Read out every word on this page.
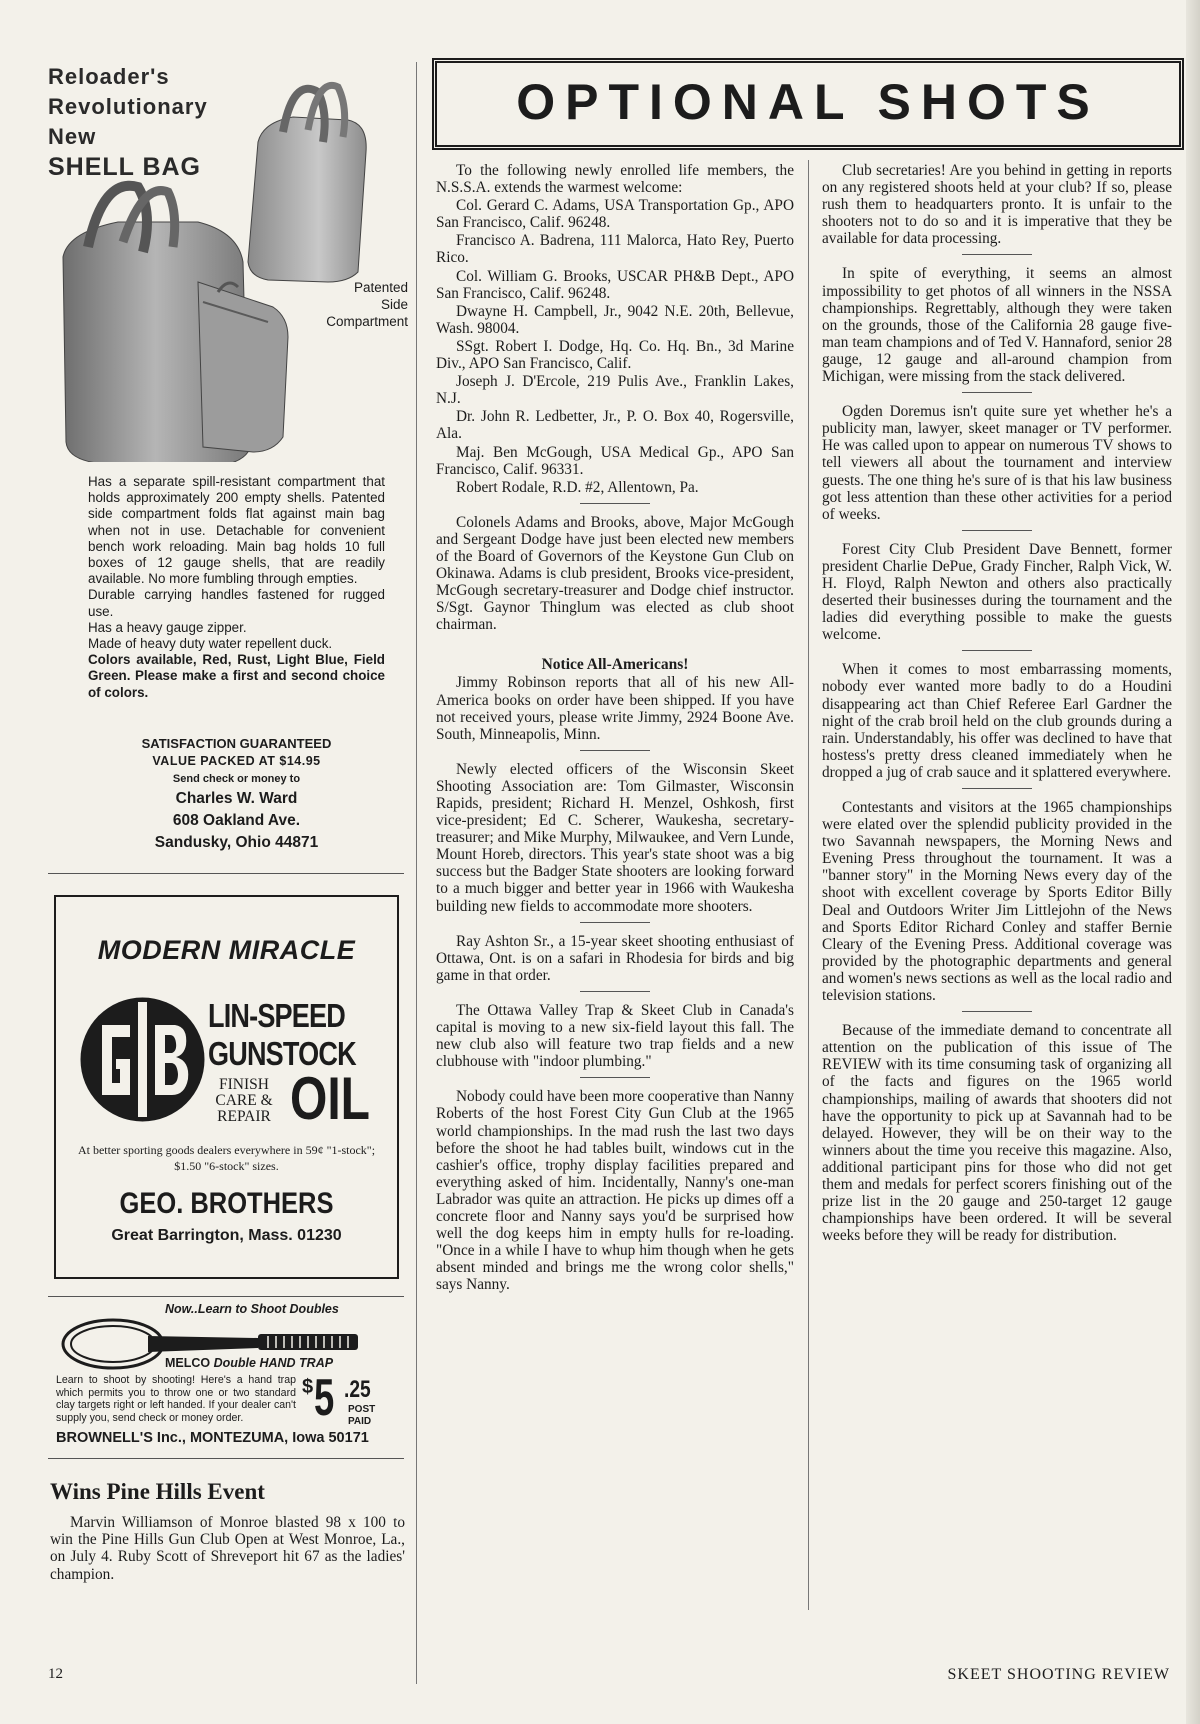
Reloader's
Revolutionary
New
SHELL BAG
Patented
Side
Compartment
Has a separate spill-resistant compartment that holds approximately 200 empty shells. Patented side compartment folds flat against main bag when not in use. Detachable for convenient bench work reloading. Main bag holds 10 full boxes of 12 gauge shells, that are readily available. No more fumbling through empties.
Durable carrying handles fastened for rugged use.
Has a heavy gauge zipper.
Made of heavy duty water repellent duck.
Colors available, Red, Rust, Light Blue, Field Green. Please make a first and second choice of colors.
SATISFACTION GUARANTEED
VALUE PACKED AT $14.95
Send check or money to
Charles W. Ward
608 Oakland Ave.
Sandusky, Ohio 44871
MODERN MIRACLE
LIN-SPEED
GUNSTOCK
FINISH
CARE &
REPAIR OIL
At better sporting goods dealers everywhere in 59¢ "1-stock"; $1.50 "6-stock" sizes.
GEO. BROTHERS
Great Barrington, Mass. 01230
Now..Learn to Shoot Doubles
MELCO Double HAND TRAP
Learn to shoot by shooting! Here's a hand trap which permits you to throw one or two standard clay targets right or left handed. If your dealer can't supply you, send check or money order.
$ 5 .25
POST
PAID
BROWNELL'S Inc., MONTEZUMA, Iowa 50171
Wins Pine Hills Event
Marvin Williamson of Monroe blasted 98 x 100 to win the Pine Hills Gun Club Open at West Monroe, La., on July 4. Ruby Scott of Shreveport hit 67 as the ladies' champion.
OPTIONAL SHOTS

To the following newly enrolled life members, the N.S.S.A. extends the warmest welcome:

Col. Gerard C. Adams, USA Transportation Gp., APO San Francisco, Calif. 96248.

Francisco A. Badrena, 111 Malorca, Hato Rey, Puerto Rico.

Col. William G. Brooks, USCAR PH&B Dept., APO San Francisco, Calif. 96248.

Dwayne H. Campbell, Jr., 9042 N.E. 20th, Bellevue, Wash. 98004.

SSgt. Robert I. Dodge, Hq. Co. Hq. Bn., 3d Marine Div., APO San Francisco, Calif.

Joseph J. D'Ercole, 219 Pulis Ave., Franklin Lakes, N.J.

Dr. John R. Ledbetter, Jr., P. O. Box 40, Rogersville, Ala.

Maj. Ben McGough, USA Medical Gp., APO San Francisco, Calif. 96331.

Robert Rodale, R.D. #2, Allentown, Pa.

Colonels Adams and Brooks, above, Major McGough and Sergeant Dodge have just been elected new members of the Board of Governors of the Keystone Gun Club on Okinawa. Adams is club president, Brooks vice-president, McGough secretary-treasurer and Dodge chief instructor. S/Sgt. Gaynor Thinglum was elected as club shoot chairman.

Notice All-Americans!

Jimmy Robinson reports that all of his new All-America books on order have been shipped. If you have not received yours, please write Jimmy, 2924 Boone Ave. South, Minneapolis, Minn.

Newly elected officers of the Wisconsin Skeet Shooting Association are: Tom Gilmaster, Wisconsin Rapids, president; Richard H. Menzel, Oshkosh, first vice-president; Ed C. Scherer, Waukesha, secretary-treasurer; and Mike Murphy, Milwaukee, and Vern Lunde, Mount Horeb, directors. This year's state shoot was a big success but the Badger State shooters are looking forward to a much bigger and better year in 1966 with Waukesha building new fields to accommodate more shooters.

Ray Ashton Sr., a 15-year skeet shooting enthusiast of Ottawa, Ont. is on a safari in Rhodesia for birds and big game in that order.

The Ottawa Valley Trap & Skeet Club in Canada's capital is moving to a new six-field layout this fall. The new club also will feature two trap fields and a new clubhouse with "indoor plumbing."

Nobody could have been more cooperative than Nanny Roberts of the host Forest City Gun Club at the 1965 world championships. In the mad rush the last two days before the shoot he had tables built, windows cut in the cashier's office, trophy display facilities prepared and everything asked of him. Incidentally, Nanny's one-man Labrador was quite an attraction. He picks up dimes off a concrete floor and Nanny says you'd be surprised how well the dog keeps him in empty hulls for re-loading. "Once in a while I have to whup him though when he gets absent minded and brings me the wrong color shells," says Nanny.

Club secretaries! Are you behind in getting in reports on any registered shoots held at your club? If so, please rush them to headquarters pronto. It is unfair to the shooters not to do so and it is imperative that they be available for data processing.

In spite of everything, it seems an almost impossibility to get photos of all winners in the NSSA championships. Regrettably, although they were taken on the grounds, those of the California 28 gauge five-man team champions and of Ted V. Hannaford, senior 28 gauge, 12 gauge and all-around champion from Michigan, were missing from the stack delivered.

Ogden Doremus isn't quite sure yet whether he's a publicity man, lawyer, skeet manager or TV performer. He was called upon to appear on numerous TV shows to tell viewers all about the tournament and interview guests. The one thing he's sure of is that his law business got less attention than these other activities for a period of weeks.

Forest City Club President Dave Bennett, former president Charlie DePue, Grady Fincher, Ralph Vick, W. H. Floyd, Ralph Newton and others also practically deserted their businesses during the tournament and the ladies did everything possible to make the guests welcome.

When it comes to most embarrassing moments, nobody ever wanted more badly to do a Houdini disappearing act than Chief Referee Earl Gardner the night of the crab broil held on the club grounds during a rain. Understandably, his offer was declined to have that hostess's pretty dress cleaned immediately when he dropped a jug of crab sauce and it splattered everywhere.

Contestants and visitors at the 1965 championships were elated over the splendid publicity provided in the two Savannah newspapers, the Morning News and Evening Press throughout the tournament. It was a "banner story" in the Morning News every day of the shoot with excellent coverage by Sports Editor Billy Deal and Outdoors Writer Jim Littlejohn of the News and Sports Editor Richard Conley and staffer Bernie Cleary of the Evening Press. Additional coverage was provided by the photographic departments and general and women's news sections as well as the local radio and television stations.

Because of the immediate demand to concentrate all attention on the publication of this issue of The REVIEW with its time consuming task of organizing all of the facts and figures on the 1965 world championships, mailing of awards that shooters did not have the opportunity to pick up at Savannah had to be delayed. However, they will be on their way to the winners about the time you receive this magazine. Also, additional participant pins for those who did not get them and medals for perfect scorers finishing out of the prize list in the 20 gauge and 250-target 12 gauge championships have been ordered. It will be several weeks before they will be ready for distribution.

12	SKEET SHOOTING REVIEW
